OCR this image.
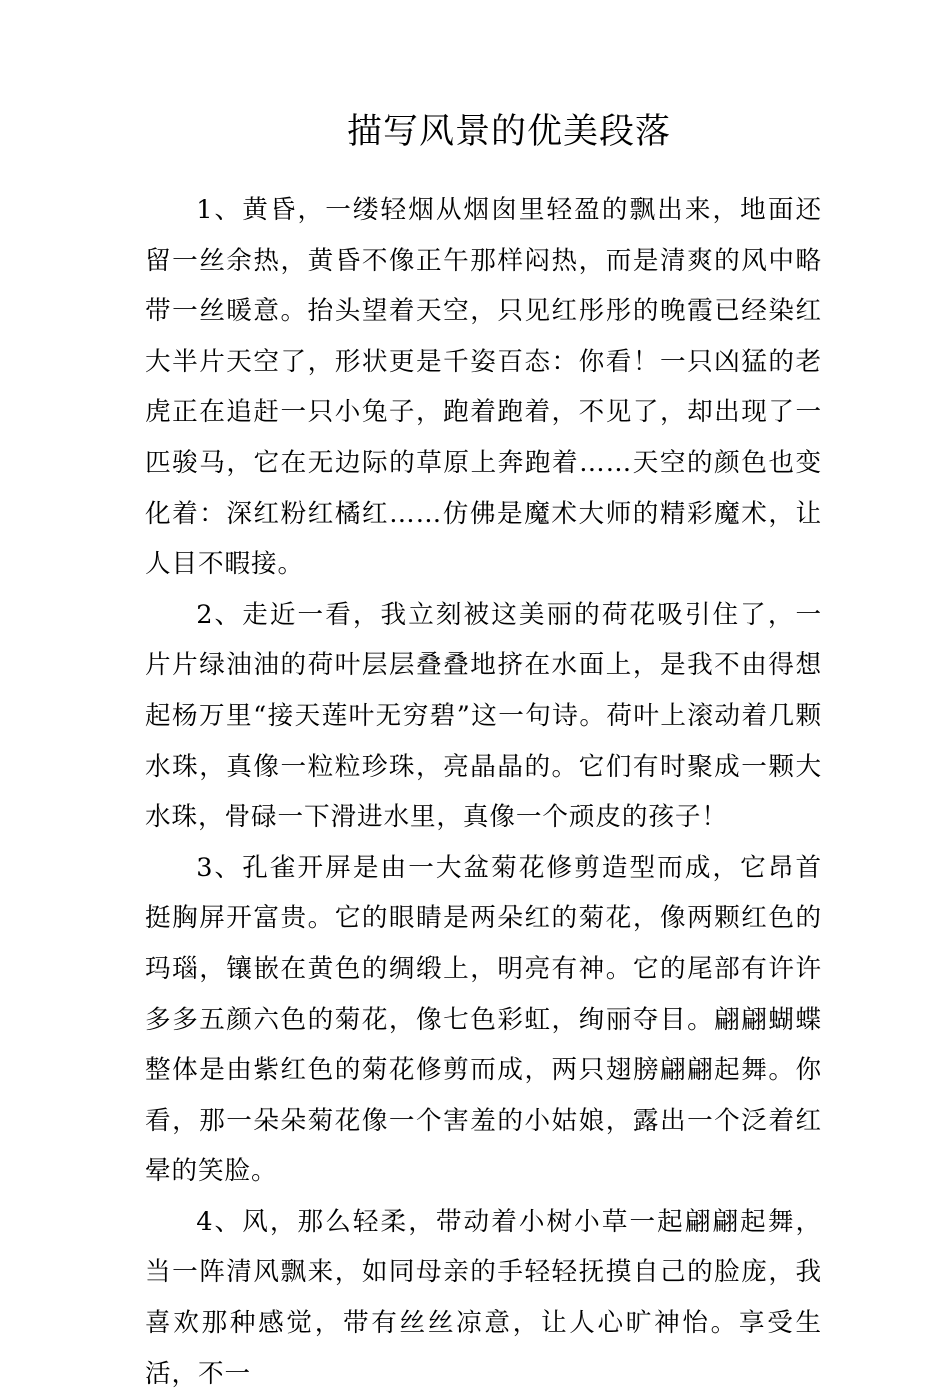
描写风景的优美段落

1、黄昏，一缕轻烟从烟囱里轻盈的飘出来，地面还留一丝余热，黄昏不像正午那样闷热，而是清爽的风中略带一丝暖意。抬头望着天空，只见红彤彤的晚霞已经染红大半片天空了，形状更是千姿百态：你看！一只凶猛的老虎正在追赶一只小兔子，跑着跑着，不见了，却出现了一匹骏马，它在无边际的草原上奔跑着……天空的颜色也变化着：深红粉红橘红……仿佛是魔术大师的精彩魔术，让人目不暇接。

2、走近一看，我立刻被这美丽的荷花吸引住了，一片片绿油油的荷叶层层叠叠地挤在水面上，是我不由得想起杨万里“接天莲叶无穷碧”这一句诗。荷叶上滚动着几颗水珠，真像一粒粒珍珠，亮晶晶的。它们有时聚成一颗大水珠，骨碌一下滑进水里，真像一个顽皮的孩子！

3、孔雀开屏是由一大盆菊花修剪造型而成，它昂首挺胸屏开富贵。它的眼睛是两朵红的菊花，像两颗红色的玛瑙，镶嵌在黄色的绸缎上，明亮有神。它的尾部有许许多多五颜六色的菊花，像七色彩虹，绚丽夺目。翩翩蝴蝶整体是由紫红色的菊花修剪而成，两只翅膀翩翩起舞。你看，那一朵朵菊花像一个害羞的小姑娘，露出一个泛着红晕的笑脸。

4、风，那么轻柔，带动着小树小草一起翩翩起舞，当一阵清风飘来，如同母亲的手轻轻抚摸自己的脸庞，我喜欢那种感觉，带有丝丝凉意，让人心旷神怡。享受生活，不一
